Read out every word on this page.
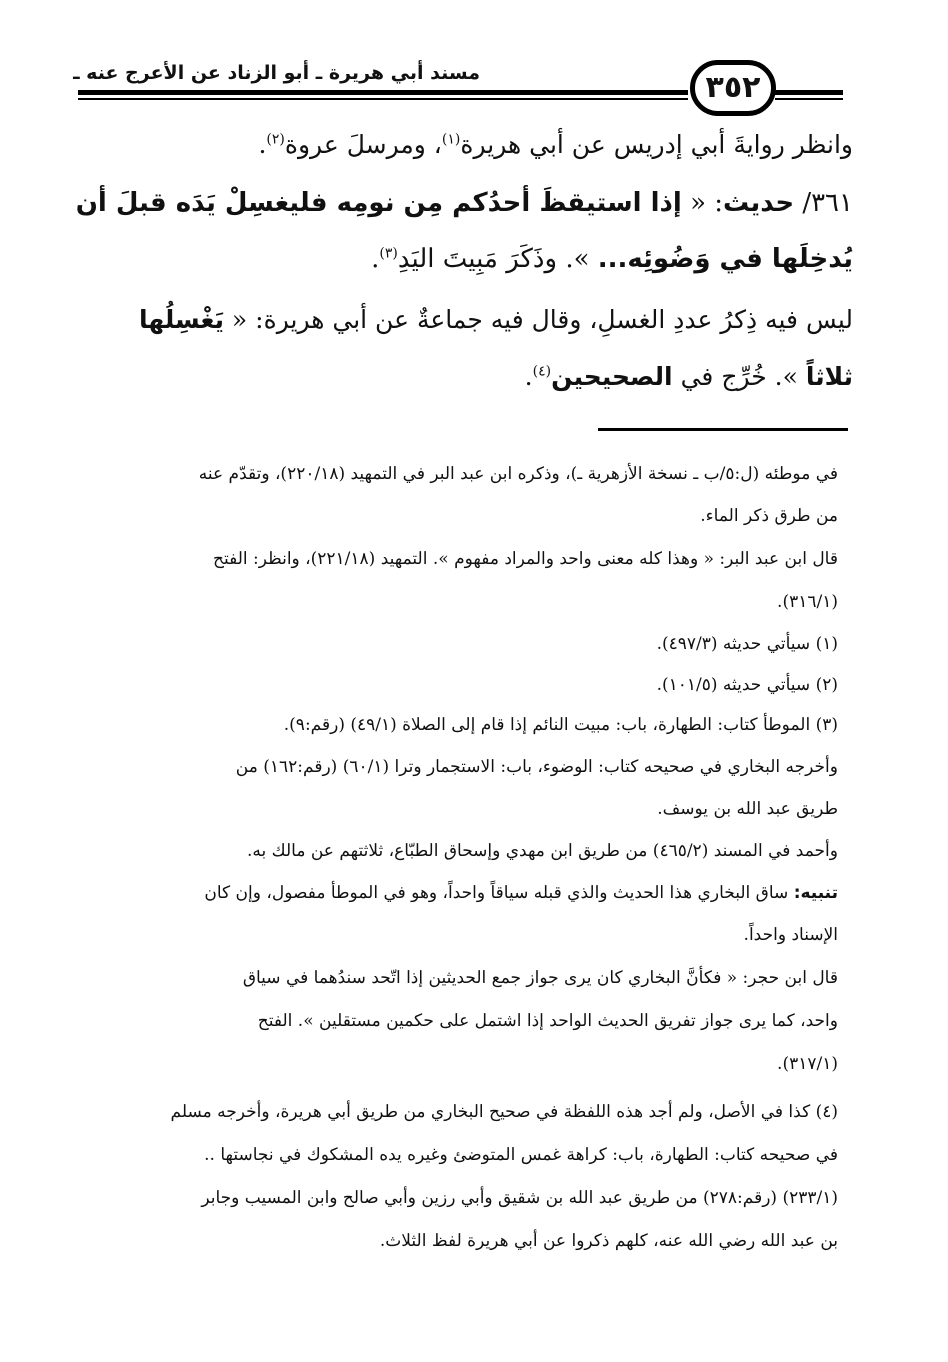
مسند أبي هريرة ـ أبو الزناد عن الأعرج عنه ـ	٣٥٢
وانظر روايةَ أبي إدريس عن أبي هريرة$^{(١)}$، ومرسلَ عروة$^{(٢)}$.
٣٦١/ حديث: « إذا استيقظَ أحدُكم مِن نومِه فليغسِلْ يَدَه قبلَ أن
يُدخِلَها في وَضُوئِه... ». وذَكَرَ مَبِيتَ اليَدِ$^{(٣)}$.
ليس فيه ذِكرُ عددِ الغسلِ، وقال فيه جماعةٌ عن أبي هريرة: « يَغْسِلُها
ثلاثاً ». خُرِّج في الصحيحين$^{(٤)}$.
في موطئه (ل:٥/ب ـ نسخة الأزهرية ـ)، وذكره ابن عبد البر في التمهيد (٢٢٠/١٨)، وتقدّم عنه
من طرق ذكر الماء.
قال ابن عبد البر: « وهذا كله معنى واحد والمراد مفهوم ». التمهيد (٢٢١/١٨)، وانظر: الفتح
(٣١٦/١).
(١) سيأتي حديثه (٤٩٧/٣).
(٢) سيأتي حديثه (١٠١/٥).
(٣) الموطأ كتاب: الطهارة، باب: مبيت النائم إذا قام إلى الصلاة (٤٩/١) (رقم:٩).
وأخرجه البخاري في صحيحه كتاب: الوضوء، باب: الاستجمار وترا (٦٠/١) (رقم:١٦٢) من
طريق عبد الله بن يوسف.
وأحمد في المسند (٤٦٥/٢) من طريق ابن مهدي وإسحاق الطبّاع، ثلاثتهم عن مالك به.
تنبيه: ساق البخاري هذا الحديث والذي قبله سياقاً واحداً، وهو في الموطأ مفصول، وإن كان
الإسناد واحداً.
قال ابن حجر: « فكأنَّ البخاري كان يرى جواز جمع الحديثين إذا اتّحد سندُهما في سياق
واحد، كما يرى جواز تفريق الحديث الواحد إذا اشتمل على حكمين مستقلين ». الفتح
(٣١٧/١).
(٤) كذا في الأصل، ولم أجد هذه اللفظة في صحيح البخاري من طريق أبي هريرة، وأخرجه مسلم
في صحيحه كتاب: الطهارة، باب: كراهة غمس المتوضئ وغيره يده المشكوك في نجاستها ..
(٢٣٣/١) (رقم:٢٧٨) من طريق عبد الله بن شقيق وأبي رزين وأبي صالح وابن المسيب وجابر
بن عبد الله رضي الله عنه، كلهم ذكروا عن أبي هريرة لفظ الثلاث.
